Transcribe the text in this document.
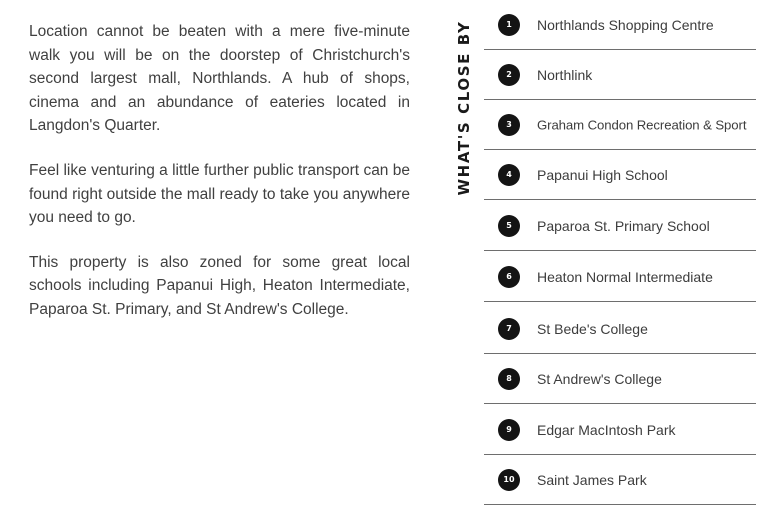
Location cannot be beaten with a mere five-minute walk you will be on the doorstep of Christchurch's second largest mall, Northlands. A hub of shops, cinema and an abundance of eateries located in Langdon's Quarter.

Feel like venturing a little further public transport can be found right outside the mall ready to take you anywhere you need to go.

This property is also zoned for some great local schools including Papanui High, Heaton Intermediate, Paparoa St. Primary, and St Andrew's College.

WHAT'S CLOSE BY	1	Northlands Shopping Centre
2	Northlink
3	Graham Condon Recreation & Sport
4	Papanui High School
5	Paparoa St. Primary School
6	Heaton Normal Intermediate
7	St Bede's College
8	St Andrew's College
9	Edgar MacIntosh Park
10	Saint James Park
